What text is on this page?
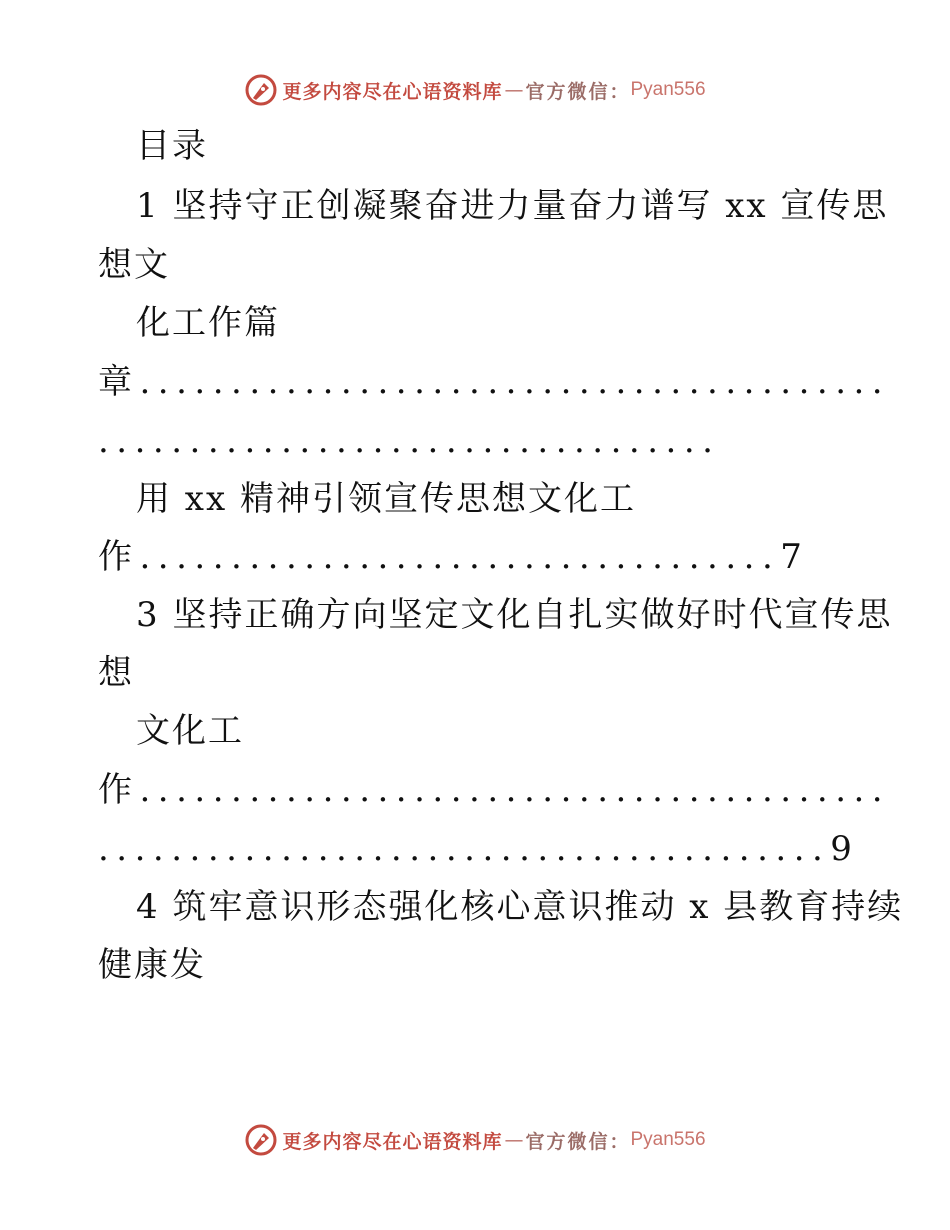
更多内容尽在心语资料库 — 官方微信： Pyan556
目录
1 坚持守正创凝聚奋进力量奋力谱写 xx 宣传思
想文
化工作篇
章.........................................
..................................
用 xx 精神引领宣传思想文化工
作...................................7
3 坚持正确方向坚定文化自扎实做好时代宣传思
想
文化工
作.........................................
........................................9
4 筑牢意识形态强化核心意识推动 x 县教育持续
健康发
更多内容尽在心语资料库 — 官方微信： Pyan556
